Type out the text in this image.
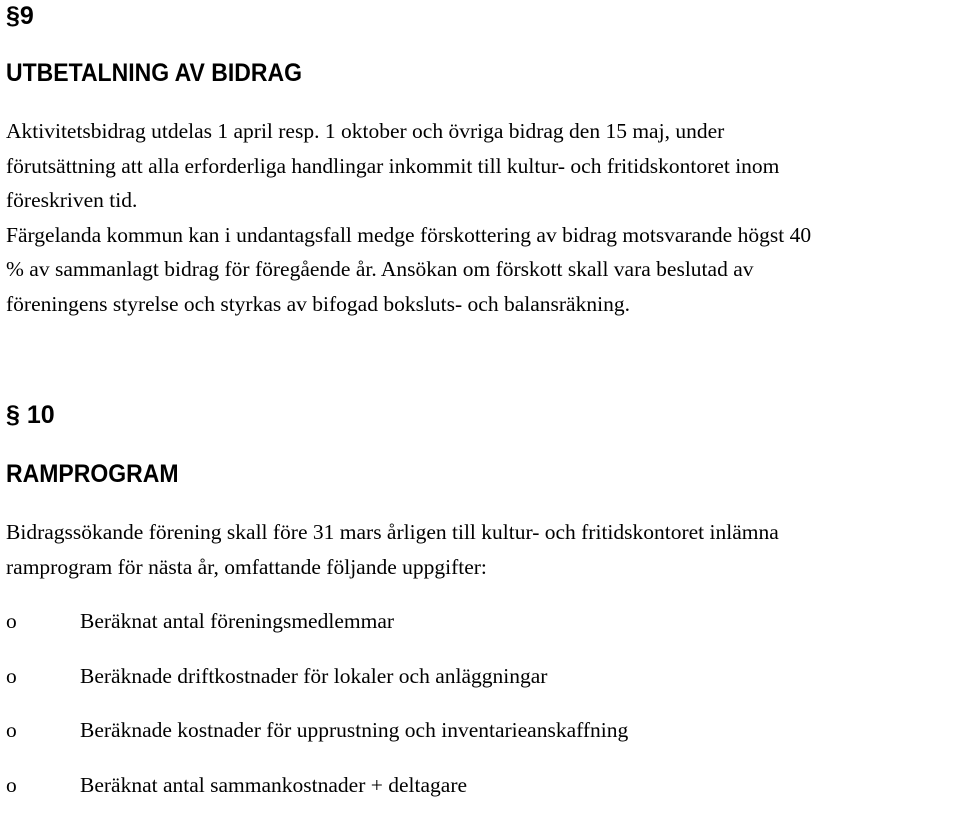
§9
UTBETALNING AV BIDRAG
Aktivitetsbidrag utdelas 1 april resp. 1 oktober och övriga bidrag den 15 maj, under
förutsättning att alla erforderliga handlingar inkommit till kultur- och fritidskontoret inom
föreskriven tid.
Färgelanda kommun kan i undantagsfall medge förskottering av bidrag motsvarande högst 40
% av sammanlagt bidrag för föregående år. Ansökan om förskott skall vara beslutad av
föreningens styrelse och styrkas av bifogad boksluts- och balansräkning.
§ 10
RAMPROGRAM
Bidragssökande förening skall före 31 mars årligen till kultur- och fritidskontoret inlämna
ramprogram för nästa år, omfattande följande uppgifter:
o	Beräknat antal föreningsmedlemmar
o	Beräknade driftkostnader för lokaler och anläggningar
o	Beräknade kostnader för upprustning och inventarieanskaffning
o	Beräknat antal sammankostnader + deltagare
